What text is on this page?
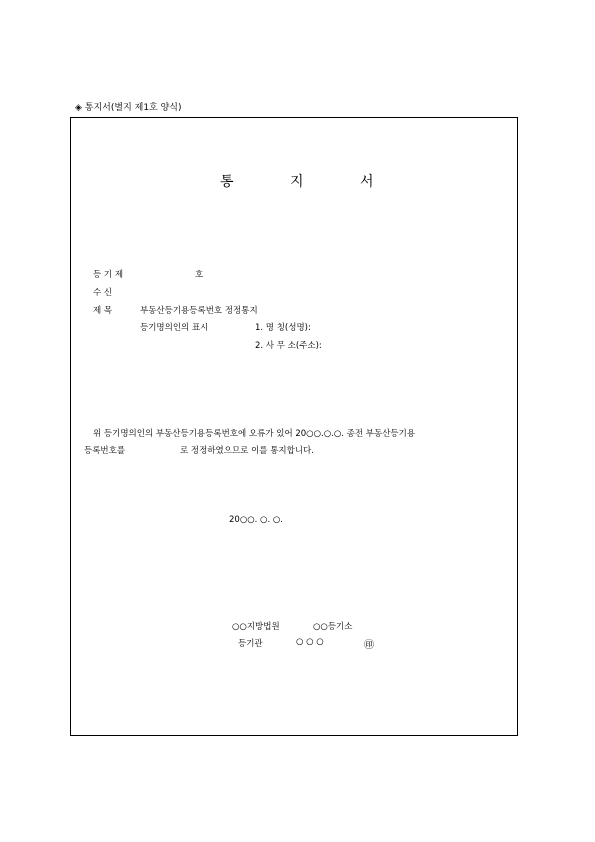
◈ 통지서(별지 제1호 양식)
통	지	서
등 기 제	호
수 신
제 목	부동산등기용등록번호 정정통지
등기명의인의 표시	1. 명 칭(성명):
2. 사 무 소(주소):
위 등기명의인의 부동산등기용등록번호에 오류가 있어 20○○.○.○. 종전 부동산등기용
등록번호를	로 정정하였으므로 이를 통지합니다.
20○○. ○. ○.
○○지방법원	○○등기소
등기관	○ ○ ○	㊞
